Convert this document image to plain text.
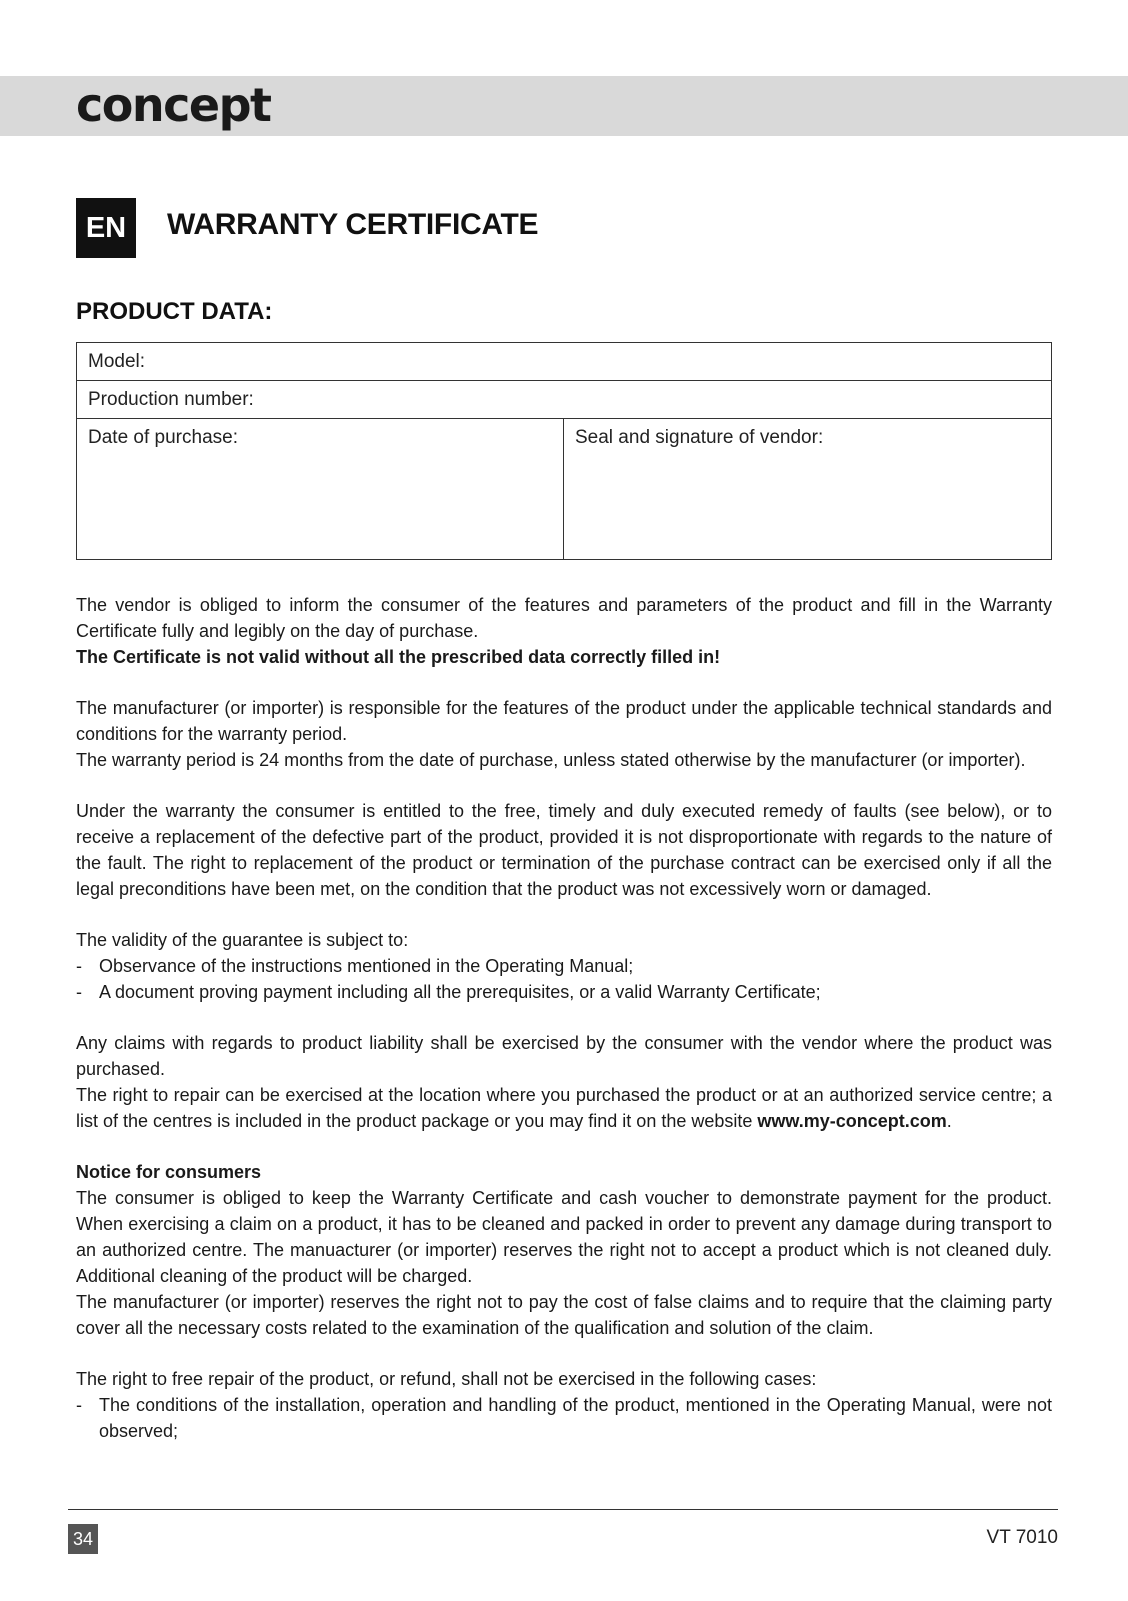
concept
EN	WARRANTY CERTIFICATE
PRODUCT DATA:
Model:
Production number:
Date of purchase:	Seal and signature of vendor:

The vendor is obliged to inform the consumer of the features and parameters of the product and fill in the Warranty Certificate fully and legibly on the day of purchase.
The Certificate is not valid without all the prescribed data correctly filled in!

The manufacturer (or importer) is responsible for the features of the product under the applicable technical standards and conditions for the warranty period.
The warranty period is 24 months from the date of purchase, unless stated otherwise by the manufacturer (or importer).

Under the warranty the consumer is entitled to the free, timely and duly executed remedy of faults (see below), or to receive a replacement of the defective part of the product, provided it is not disproportionate with regards to the nature of the fault. The right to replacement of the product or termination of the purchase contract can be exercised only if all the legal preconditions have been met, on the condition that the product was not excessively worn or damaged.

The validity of the guarantee is subject to:
- Observance of the instructions mentioned in the Operating Manual;
- A document proving payment including all the prerequisites, or a valid Warranty Certificate;

Any claims with regards to product liability shall be exercised by the consumer with the vendor where the product was purchased.
The right to repair can be exercised at the location where you purchased the product or at an authorized service centre; a list of the centres is included in the product package or you may find it on the website www.my-concept.com.

Notice for consumers
The consumer is obliged to keep the Warranty Certificate and cash voucher to demonstrate payment for the product. When exercising a claim on a product, it has to be cleaned and packed in order to prevent any damage during transport to an authorized centre. The manuacturer (or importer) reserves the right not to accept a product which is not cleaned duly. Additional cleaning of the product will be charged.
The manufacturer (or importer) reserves the right not to pay the cost of false claims and to require that the claiming party cover all the necessary costs related to the examination of the qualification and solution of the claim.

The right to free repair of the product, or refund, shall not be exercised in the following cases:
- The conditions of the installation, operation and handling of the product, mentioned in the Operating Manual, were not observed;

34	VT 7010
